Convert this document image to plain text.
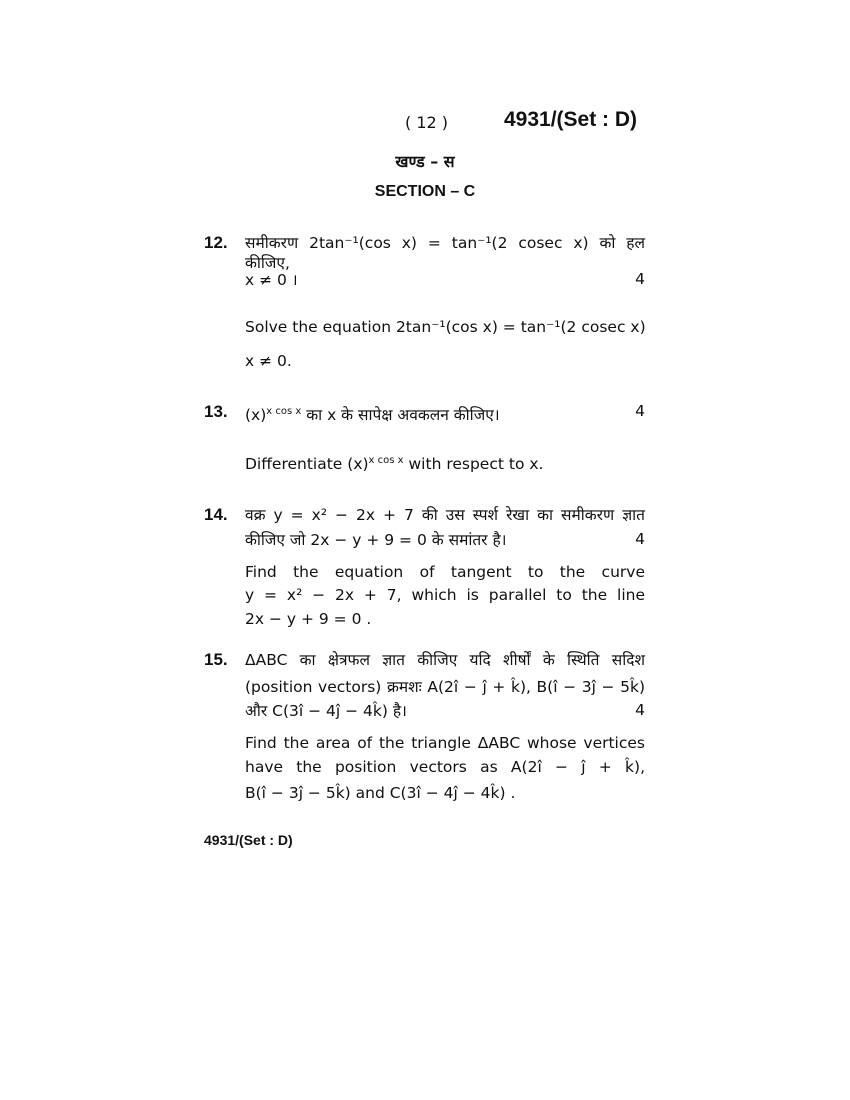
( 12 )	4931/(Set : D)
खण्ड – स
SECTION – C
12. समीकरण 2tan⁻¹(cos x) = tan⁻¹(2 cosec x) को हल कीजिए,
x ≠ 0 ।	4
Solve the equation 2tan⁻¹(cos x) = tan⁻¹(2 cosec x)
x ≠ 0.
13. $(x)^{x cos x}$ का x के सापेक्ष अवकलन कीजिए।	4
Differentiate $(x)^{x cos x}$ with respect to x.
14. वक्र y = x² − 2x + 7 की उस स्पर्श रेखा का समीकरण ज्ञात
कीजिए जो 2x − y + 9 = 0 के समांतर है।	4
Find the equation of tangent to the curve
y = x² − 2x + 7, which is parallel to the line
2x − y + 9 = 0 .
15. ΔABC का क्षेत्रफल ज्ञात कीजिए यदि शीर्षों के स्थिति सदिश
(position vectors) क्रमशः A(2î − ĵ + k̂), B(î − 3ĵ − 5k̂)
और C(3î − 4ĵ − 4k̂) है।	4
Find the area of the triangle ΔABC whose vertices
have the position vectors as A(2î − ĵ + k̂),
B(î − 3ĵ − 5k̂) and C(3î − 4ĵ − 4k̂) .
4931/(Set : D)
